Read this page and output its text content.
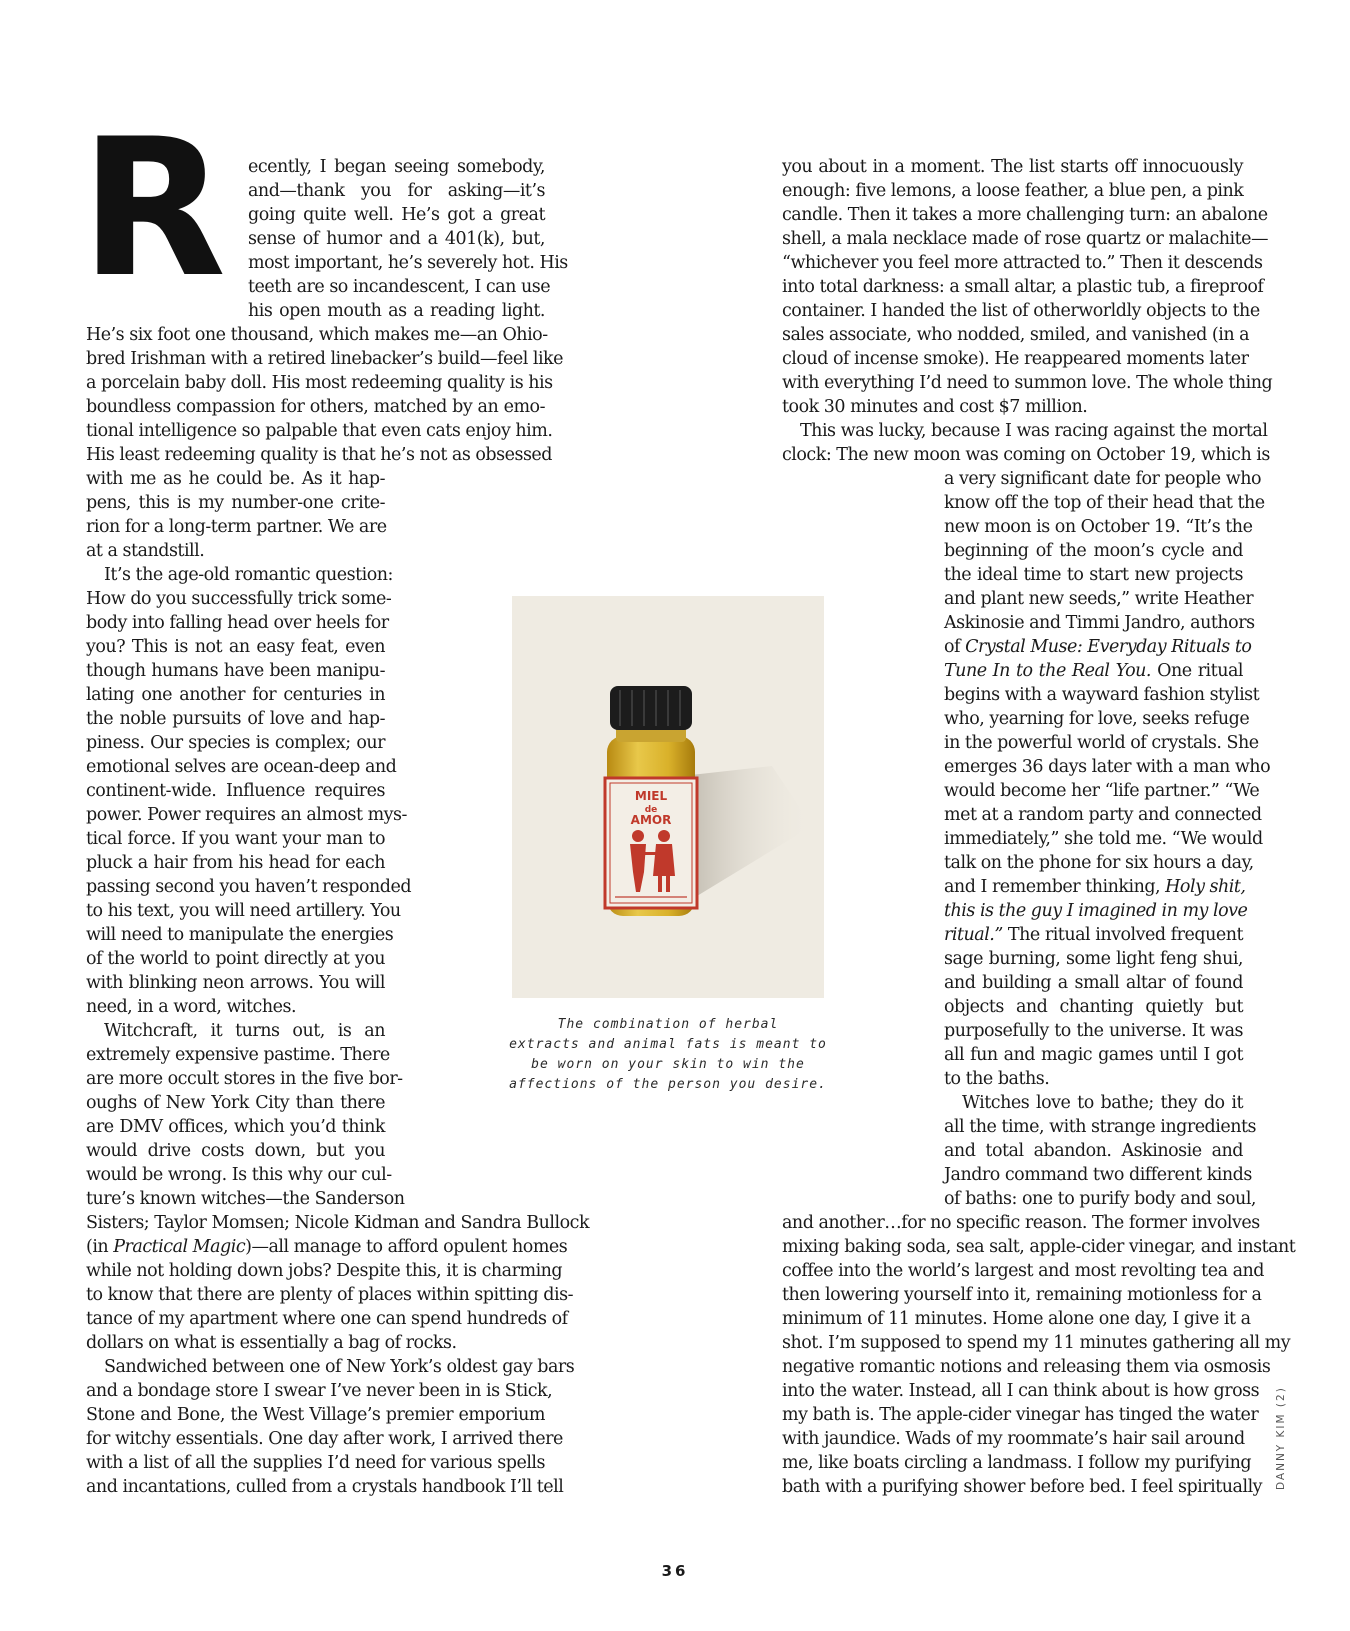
R ecently, I began seeing somebody,

and—thank you for asking—it’s

going quite well. He’s got a great

sense of humor and a 401(k), but,

most important, he’s severely hot. His

teeth are so incandescent, I can use

his open mouth as a reading light.

He’s six foot one thousand, which makes me—an Ohio-

bred Irishman with a retired linebacker’s build—feel like

a porcelain baby doll. His most redeeming quality is his

boundless compassion for others, matched by an emo-

tional intelligence so palpable that even cats enjoy him.

His least redeeming quality is that he’s not as obsessed

with me as he could be. As it hap-

pens, this is my number-one crite-

rion for a long-term partner. We are

at a standstill.

It’s the age-old romantic question:

How do you successfully trick some-

body into falling head over heels for

you? This is not an easy feat, even

though humans have been manipu-

lating one another for centuries in

the noble pursuits of love and hap-

piness. Our species is complex; our

emotional selves are ocean-deep and

continent-wide. Influence requires

power. Power requires an almost mys-

tical force. If you want your man to

pluck a hair from his head for each

passing second you haven’t responded

to his text, you will need artillery. You

will need to manipulate the energies

of the world to point directly at you

with blinking neon arrows. You will

need, in a word, witches.

Witchcraft, it turns out, is an

extremely expensive pastime. There

are more occult stores in the five bor-

oughs of New York City than there

are DMV offices, which you’d think

would drive costs down, but you

would be wrong. Is this why our cul-

ture’s known witches—the Sanderson

Sisters; Taylor Momsen; Nicole Kidman and Sandra Bullock

(in Practical Magic)—all manage to afford opulent homes

while not holding down jobs? Despite this, it is charming

to know that there are plenty of places within spitting dis-

tance of my apartment where one can spend hundreds of

dollars on what is essentially a bag of rocks.

Sandwiched between one of New York’s oldest gay bars

and a bondage store I swear I’ve never been in is Stick,

Stone and Bone, the West Village’s premier emporium

for witchy essentials. One day after work, I arrived there

with a list of all the supplies I’d need for various spells

and incantations, culled from a crystals handbook I’ll tell

you about in a moment. The list starts off innocuously

enough: five lemons, a loose feather, a blue pen, a pink

candle. Then it takes a more challenging turn: an abalone

shell, a mala necklace made of rose quartz or malachite—

“whichever you feel more attracted to.” Then it descends

into total darkness: a small altar, a plastic tub, a fireproof

container. I handed the list of otherworldly objects to the

sales associate, who nodded, smiled, and vanished (in a

cloud of incense smoke). He reappeared moments later

with everything I’d need to summon love. The whole thing

took 30 minutes and cost $7 million.

This was lucky, because I was racing against the mortal

clock: The new moon was coming on October 19, which is

a very significant date for people who

know off the top of their head that the

new moon is on October 19. “It’s the

beginning of the moon’s cycle and

the ideal time to start new projects

and plant new seeds,” write Heather

Askinosie and Timmi Jandro, authors

of Crystal Muse: Everyday Rituals to

Tune In to the Real You. One ritual

begins with a wayward fashion stylist

who, yearning for love, seeks refuge

in the powerful world of crystals. She

emerges 36 days later with a man who

would become her “life partner.” “We

met at a random party and connected

immediately,” she told me. “We would

talk on the phone for six hours a day,

and I remember thinking, Holy shit,

this is the guy I imagined in my love

ritual.” The ritual involved frequent

sage burning, some light feng shui,

and building a small altar of found

objects and chanting quietly but

purposefully to the universe. It was

all fun and magic games until I got

to the baths.

Witches love to bathe; they do it

all the time, with strange ingredients

and total abandon. Askinosie and

Jandro command two different kinds

of baths: one to purify body and soul,

and another…for no specific reason. The former involves

mixing baking soda, sea salt, apple-cider vinegar, and instant

coffee into the world’s largest and most revolting tea and

then lowering yourself into it, remaining motionless for a

minimum of 11 minutes. Home alone one day, I give it a

shot. I’m supposed to spend my 11 minutes gathering all my

negative romantic notions and releasing them via osmosis

into the water. Instead, all I can think about is how gross

my bath is. The apple-cider vinegar has tinged the water

with jaundice. Wads of my roommate’s hair sail around

me, like boats circling a landmass. I follow my purifying

bath with a purifying shower before bed. I feel spiritually

MIEL
de
AMOR

The combination of herbal

extracts and animal fats is meant to

be worn on your skin to win the

affections of the person you desire.

DANNY KIM (2)

36
